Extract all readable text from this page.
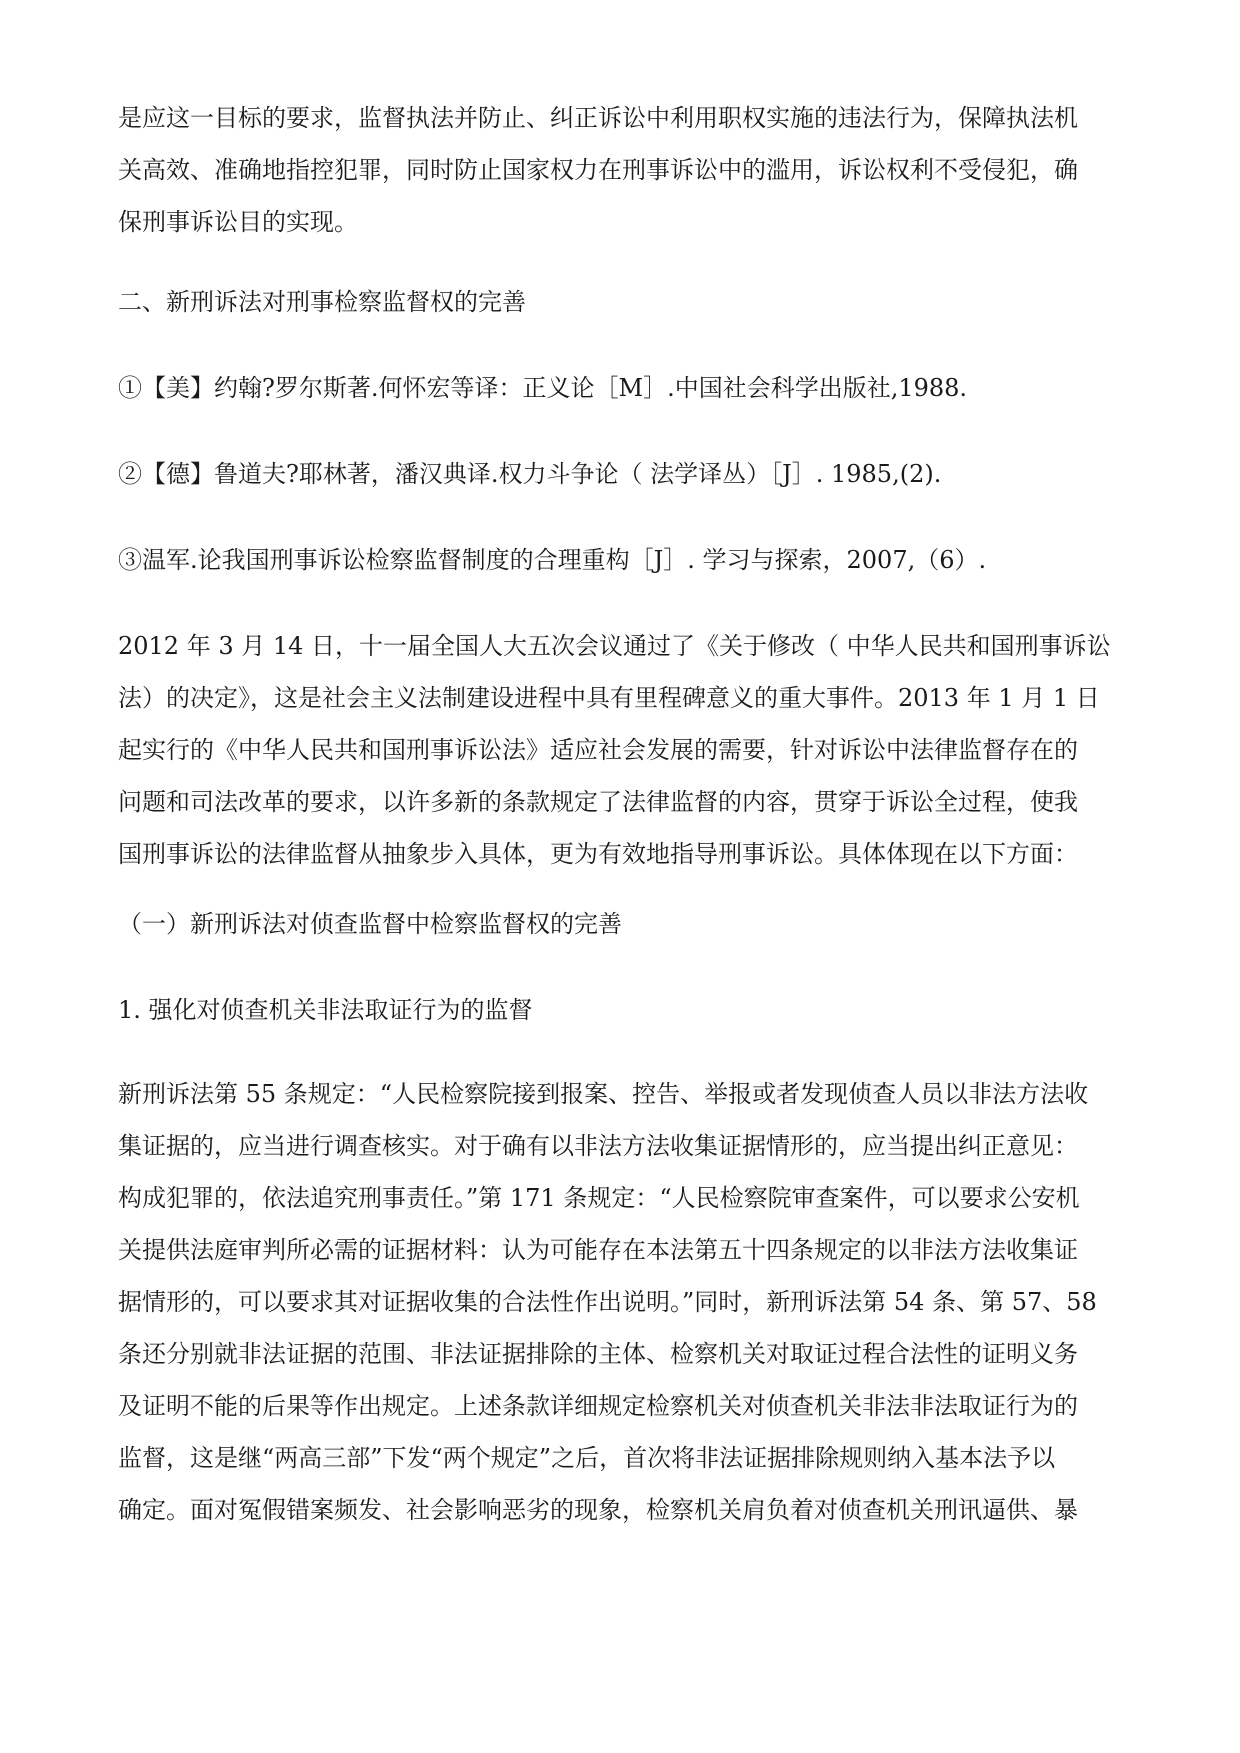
是应这一目标的要求，监督执法并防止、纠正诉讼中利用职权实施的违法行为，保障执法机
关高效、准确地指控犯罪，同时防止国家权力在刑事诉讼中的滥用，诉讼权利不受侵犯，确
保刑事诉讼目的实现。
二、新刑诉法对刑事检察监督权的完善
①【美】约翰?罗尔斯著.何怀宏等译：正义论［M］.中国社会科学出版社,1988.
②【德】鲁道夫?耶林著，潘汉典译.权力斗争论（ 法学译丛）［J］. 1985,(2).
③温军.论我国刑事诉讼检察监督制度的合理重构［J］. 学习与探索，2007,（6）.
2012 年 3 月 14 日，十一届全国人大五次会议通过了《关于修改（ 中华人民共和国刑事诉讼
法）的决定》，这是社会主义法制建设进程中具有里程碑意义的重大事件。2013 年 1 月 1 日
起实行的《中华人民共和国刑事诉讼法》适应社会发展的需要，针对诉讼中法律监督存在的
问题和司法改革的要求，以许多新的条款规定了法律监督的内容，贯穿于诉讼全过程，使我
国刑事诉讼的法律监督从抽象步入具体，更为有效地指导刑事诉讼。具体体现在以下方面：
（一）新刑诉法对侦查监督中检察监督权的完善
1. 强化对侦查机关非法取证行为的监督
新刑诉法第 55 条规定：“人民检察院接到报案、控告、举报或者发现侦查人员以非法方法收
集证据的，应当进行调查核实。对于确有以非法方法收集证据情形的，应当提出纠正意见：
构成犯罪的，依法追究刑事责任。”第 171 条规定：“人民检察院审查案件，可以要求公安机
关提供法庭审判所必需的证据材料：认为可能存在本法第五十四条规定的以非法方法收集证
据情形的，可以要求其对证据收集的合法性作出说明。”同时，新刑诉法第 54 条、第 57、58
条还分别就非法证据的范围、非法证据排除的主体、检察机关对取证过程合法性的证明义务
及证明不能的后果等作出规定。上述条款详细规定检察机关对侦查机关非法非法取证行为的
监督，这是继“两高三部”下发“两个规定”之后，首次将非法证据排除规则纳入基本法予以
确定。面对冤假错案频发、社会影响恶劣的现象，检察机关肩负着对侦查机关刑讯逼供、暴
